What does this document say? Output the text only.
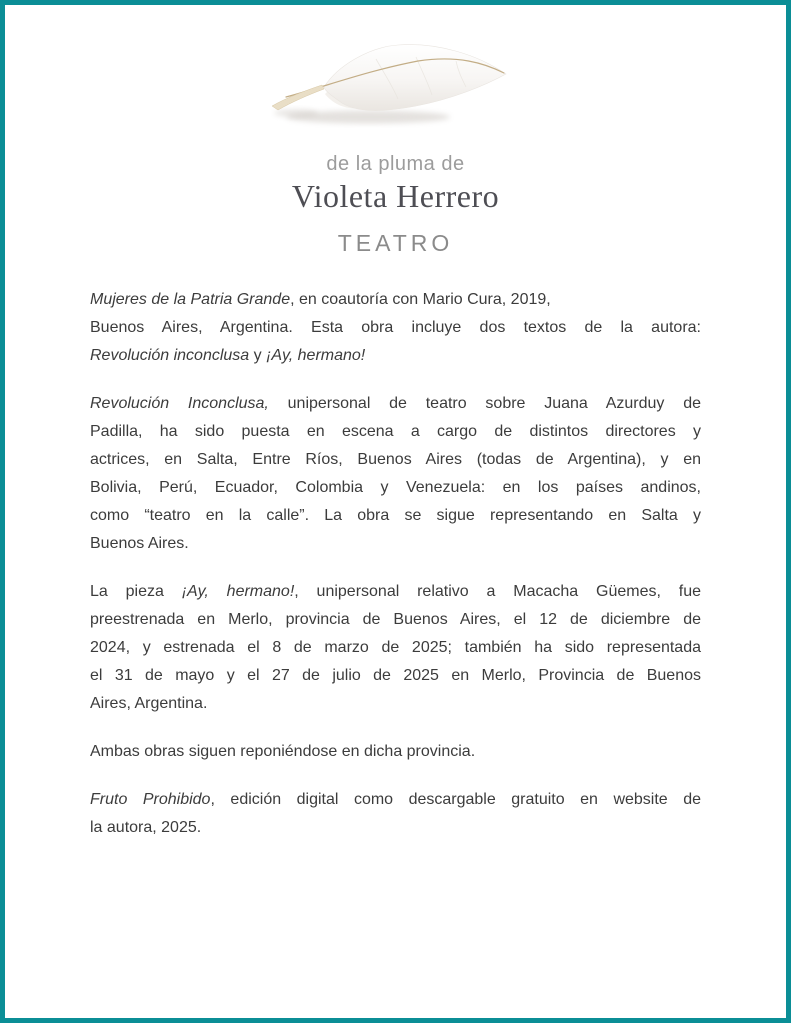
de la pluma de
Violeta Herrero
TEATRO

Mujeres de la Patria Grande, en coautoría con Mario Cura, 2019,
Buenos Aires, Argentina. Esta obra incluye dos textos de la autora:
Revolución inconclusa y ¡Ay, hermano!

Revolución Inconclusa, unipersonal de teatro sobre Juana Azurduy de
Padilla, ha sido puesta en escena a cargo de distintos directores y
actrices, en Salta, Entre Ríos, Buenos Aires (todas de Argentina), y en
Bolivia, Perú, Ecuador, Colombia y Venezuela: en los países andinos,
como “teatro en la calle”. La obra se sigue representando en Salta y
Buenos Aires.

La pieza ¡Ay, hermano!, unipersonal relativo a Macacha Güemes, fue
preestrenada en Merlo, provincia de Buenos Aires, el 12 de diciembre de
2024, y estrenada el 8 de marzo de 2025; también ha sido representada
el 31 de mayo y el 27 de julio de 2025 en Merlo, Provincia de Buenos
Aires, Argentina.

Ambas obras siguen reponiéndose en dicha provincia.

Fruto Prohibido, edición digital como descargable gratuito en website de
la autora, 2025.
